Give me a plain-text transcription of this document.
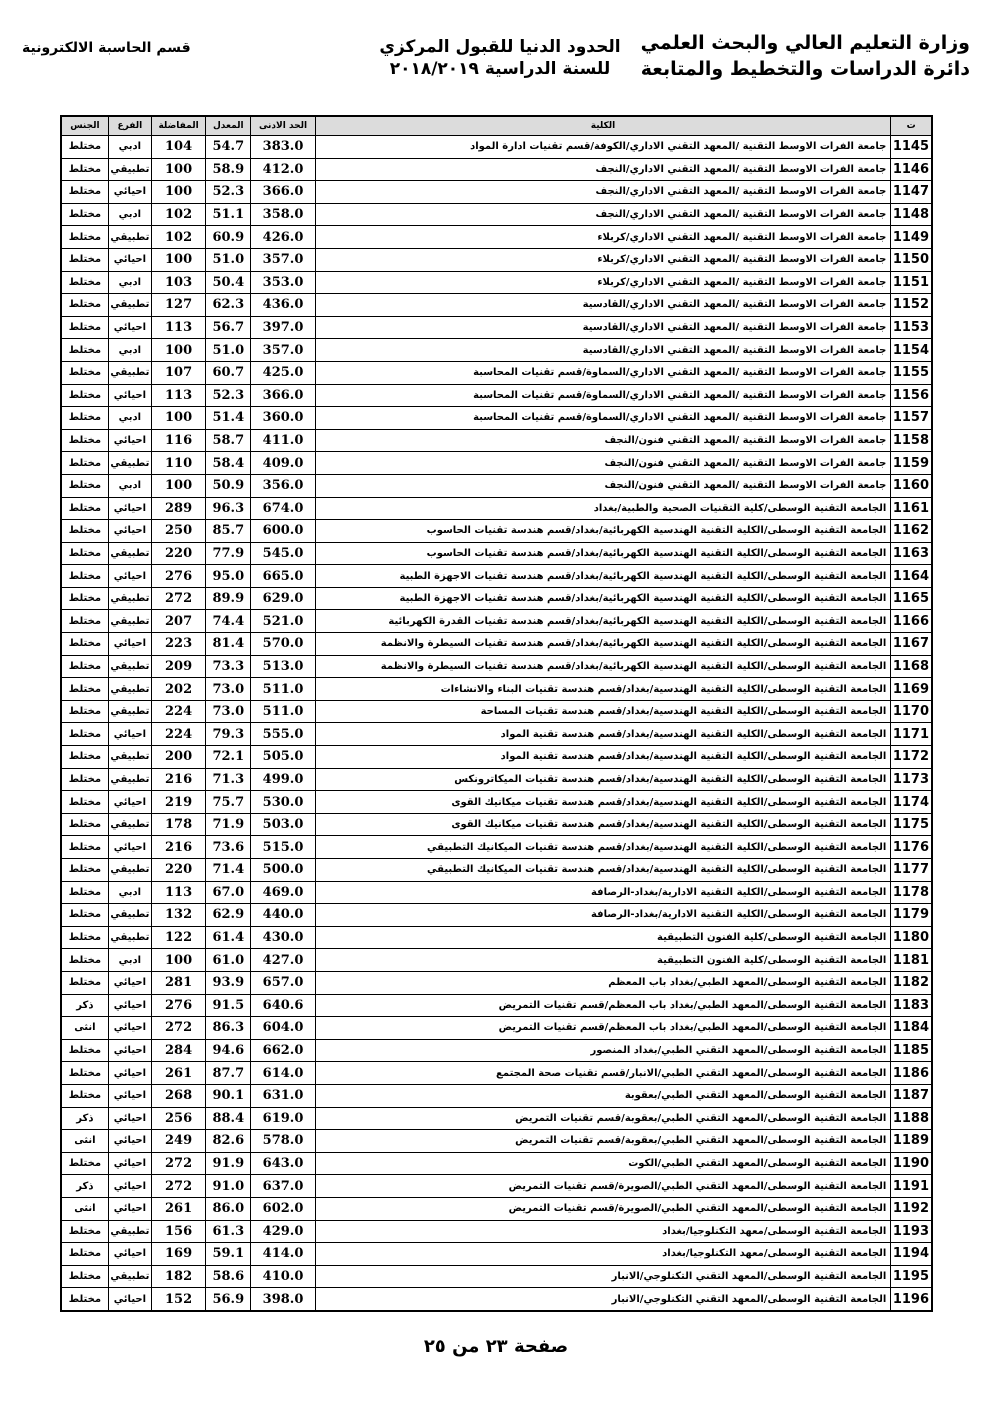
وزارة التعليم العالي والبحث العلمي
دائرة الدراسات والتخطيط والمتابعة
الحدود الدنيا للقبول المركزي
للسنة الدراسية ٢٠١٨/٢٠١٩
قسم الحاسبة الالكترونية
ت	الكلية	الحد الادنى	المعدل	المفاضلة	الفرع	الجنس
1145	جامعة الفرات الاوسط التقنية /المعهد التقني الاداري/الكوفة/قسم تقنيات ادارة المواد	383.0	54.7	104	ادبي	مختلط
1146	جامعة الفرات الاوسط التقنية /المعهد التقني الاداري/النجف	412.0	58.9	100	تطبيقي	مختلط
1147	جامعة الفرات الاوسط التقنية /المعهد التقني الاداري/النجف	366.0	52.3	100	احيائي	مختلط
1148	جامعة الفرات الاوسط التقنية /المعهد التقني الاداري/النجف	358.0	51.1	102	ادبي	مختلط
1149	جامعة الفرات الاوسط التقنية /المعهد التقني الاداري/كربلاء	426.0	60.9	102	تطبيقي	مختلط
1150	جامعة الفرات الاوسط التقنية /المعهد التقني الاداري/كربلاء	357.0	51.0	100	احيائي	مختلط
1151	جامعة الفرات الاوسط التقنية /المعهد التقني الاداري/كربلاء	353.0	50.4	103	ادبي	مختلط
1152	جامعة الفرات الاوسط التقنية /المعهد التقني الاداري/القادسية	436.0	62.3	127	تطبيقي	مختلط
1153	جامعة الفرات الاوسط التقنية /المعهد التقني الاداري/القادسية	397.0	56.7	113	احيائي	مختلط
1154	جامعة الفرات الاوسط التقنية /المعهد التقني الاداري/القادسية	357.0	51.0	100	ادبي	مختلط
1155	جامعة الفرات الاوسط التقنية /المعهد التقني الاداري/السماوة/قسم تقنيات المحاسبة	425.0	60.7	107	تطبيقي	مختلط
1156	جامعة الفرات الاوسط التقنية /المعهد التقني الاداري/السماوة/قسم تقنيات المحاسبة	366.0	52.3	113	احيائي	مختلط
1157	جامعة الفرات الاوسط التقنية /المعهد التقني الاداري/السماوة/قسم تقنيات المحاسبة	360.0	51.4	100	ادبي	مختلط
1158	جامعة الفرات الاوسط التقنية /المعهد التقني فنون/النجف	411.0	58.7	116	احيائي	مختلط
1159	جامعة الفرات الاوسط التقنية /المعهد التقني فنون/النجف	409.0	58.4	110	تطبيقي	مختلط
1160	جامعة الفرات الاوسط التقنية /المعهد التقني فنون/النجف	356.0	50.9	100	ادبي	مختلط
1161	الجامعة التقنية الوسطى/كلية التقنيات الصحية والطبية/بغداد	674.0	96.3	289	احيائي	مختلط
1162	الجامعة التقنية الوسطى/الكلية التقنية الهندسية الكهربائية/بغداد/قسم هندسة تقنيات الحاسوب	600.0	85.7	250	احيائي	مختلط
1163	الجامعة التقنية الوسطى/الكلية التقنية الهندسية الكهربائية/بغداد/قسم هندسة تقنيات الحاسوب	545.0	77.9	220	تطبيقي	مختلط
1164	الجامعة التقنية الوسطى/الكلية التقنية الهندسية الكهربائية/بغداد/قسم هندسة تقنيات الاجهزة الطبية	665.0	95.0	276	احيائي	مختلط
1165	الجامعة التقنية الوسطى/الكلية التقنية الهندسية الكهربائية/بغداد/قسم هندسة تقنيات الاجهزة الطبية	629.0	89.9	272	تطبيقي	مختلط
1166	الجامعة التقنية الوسطى/الكلية التقنية الهندسية الكهربائية/بغداد/قسم هندسة تقنيات القدرة الكهربائية	521.0	74.4	207	تطبيقي	مختلط
1167	الجامعة التقنية الوسطى/الكلية التقنية الهندسية الكهربائية/بغداد/قسم هندسة تقنيات السيطرة والانظمة	570.0	81.4	223	احيائي	مختلط
1168	الجامعة التقنية الوسطى/الكلية التقنية الهندسية الكهربائية/بغداد/قسم هندسة تقنيات السيطرة والانظمة	513.0	73.3	209	تطبيقي	مختلط
1169	الجامعة التقنية الوسطى/الكلية التقنية الهندسية/بغداد/قسم هندسة تقنيات البناء والانشاءات	511.0	73.0	202	تطبيقي	مختلط
1170	الجامعة التقنية الوسطى/الكلية التقنية الهندسية/بغداد/قسم هندسة تقنيات المساحة	511.0	73.0	224	تطبيقي	مختلط
1171	الجامعة التقنية الوسطى/الكلية التقنية الهندسية/بغداد/قسم هندسة تقنية المواد	555.0	79.3	224	احيائي	مختلط
1172	الجامعة التقنية الوسطى/الكلية التقنية الهندسية/بغداد/قسم هندسة تقنية المواد	505.0	72.1	200	تطبيقي	مختلط
1173	الجامعة التقنية الوسطى/الكلية التقنية الهندسية/بغداد/قسم هندسة تقنيات الميكاترونكس	499.0	71.3	216	تطبيقي	مختلط
1174	الجامعة التقنية الوسطى/الكلية التقنية الهندسية/بغداد/قسم هندسة تقنيات ميكانيك القوى	530.0	75.7	219	احيائي	مختلط
1175	الجامعة التقنية الوسطى/الكلية التقنية الهندسية/بغداد/قسم هندسة تقنيات ميكانيك القوى	503.0	71.9	178	تطبيقي	مختلط
1176	الجامعة التقنية الوسطى/الكلية التقنية الهندسية/بغداد/قسم هندسة تقنيات الميكانيك التطبيقي	515.0	73.6	216	احيائي	مختلط
1177	الجامعة التقنية الوسطى/الكلية التقنية الهندسية/بغداد/قسم هندسة تقنيات الميكانيك التطبيقي	500.0	71.4	220	تطبيقي	مختلط
1178	الجامعة التقنية الوسطى/الكلية التقنية الادارية/بغداد-الرصافة	469.0	67.0	113	ادبي	مختلط
1179	الجامعة التقنية الوسطى/الكلية التقنية الادارية/بغداد-الرصافة	440.0	62.9	132	تطبيقي	مختلط
1180	الجامعة التقنية الوسطى/كلية الفنون التطبيقية	430.0	61.4	122	تطبيقي	مختلط
1181	الجامعة التقنية الوسطى/كلية الفنون التطبيقية	427.0	61.0	100	ادبي	مختلط
1182	الجامعة التقنية الوسطى/المعهد الطبي/بغداد باب المعظم	657.0	93.9	281	احيائي	مختلط
1183	الجامعة التقنية الوسطى/المعهد الطبي/بغداد باب المعظم/قسم تقنيات التمريض	640.6	91.5	276	احيائي	ذكر
1184	الجامعة التقنية الوسطى/المعهد الطبي/بغداد باب المعظم/قسم تقنيات التمريض	604.0	86.3	272	احيائي	انثى
1185	الجامعة التقنية الوسطى/المعهد التقني الطبي/بغداد المنصور	662.0	94.6	284	احيائي	مختلط
1186	الجامعة التقنية الوسطى/المعهد التقني الطبي/الانبار/قسم تقنيات صحة المجتمع	614.0	87.7	261	احيائي	مختلط
1187	الجامعة التقنية الوسطى/المعهد التقني الطبي/بعقوبة	631.0	90.1	268	احيائي	مختلط
1188	الجامعة التقنية الوسطى/المعهد التقني الطبي/بعقوبة/قسم تقنيات التمريض	619.0	88.4	256	احيائي	ذكر
1189	الجامعة التقنية الوسطى/المعهد التقني الطبي/بعقوبة/قسم تقنيات التمريض	578.0	82.6	249	احيائي	انثى
1190	الجامعة التقنية الوسطى/المعهد التقني الطبي/الكوت	643.0	91.9	272	احيائي	مختلط
1191	الجامعة التقنية الوسطى/المعهد التقني الطبي/الصويرة/قسم تقنيات التمريض	637.0	91.0	272	احيائي	ذكر
1192	الجامعة التقنية الوسطى/المعهد التقني الطبي/الصويرة/قسم تقنيات التمريض	602.0	86.0	261	احيائي	انثى
1193	الجامعة التقنية الوسطى/معهد التكنلوجيا/بغداد	429.0	61.3	156	تطبيقي	مختلط
1194	الجامعة التقنية الوسطى/معهد التكنلوجيا/بغداد	414.0	59.1	169	احيائي	مختلط
1195	الجامعة التقنية الوسطى/المعهد التقني التكنلوجي/الانبار	410.0	58.6	182	تطبيقي	مختلط
1196	الجامعة التقنية الوسطى/المعهد التقني التكنلوجي/الانبار	398.0	56.9	152	احيائي	مختلط
صفحة ٢٣ من ٢٥
